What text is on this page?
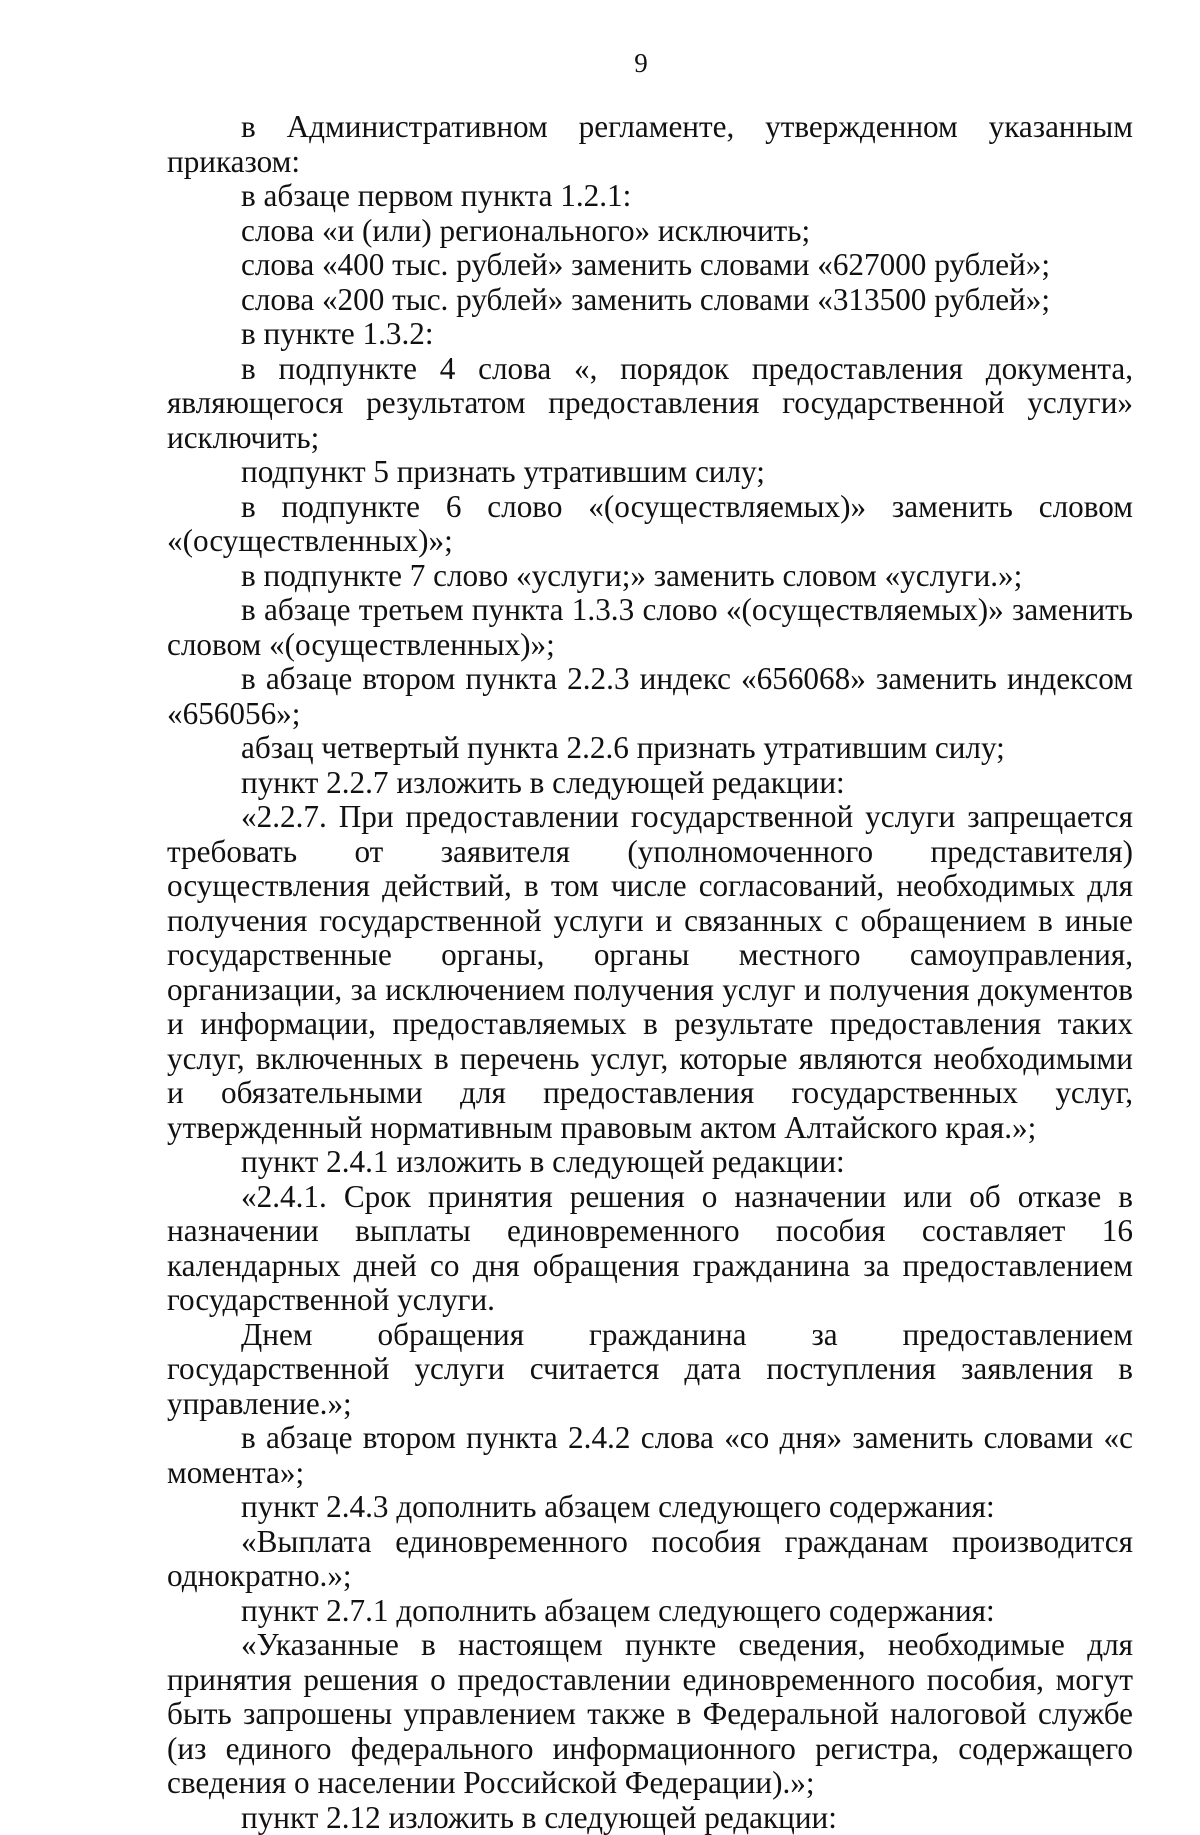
9

в Административном регламенте, утвержденном указанным приказом:

в абзаце первом пункта 1.2.1:

слова «и (или) регионального» исключить;

слова «400 тыс. рублей» заменить словами «627000 рублей»;

слова «200 тыс. рублей» заменить словами «313500 рублей»;

в пункте 1.3.2:

в подпункте 4 слова «, порядок предоставления документа, являющегося результатом предоставления государственной услуги» исключить;

подпункт 5 признать утратившим силу;

в подпункте 6 слово «(осуществляемых)» заменить словом «(осуществленных)»;

в подпункте 7 слово «услуги;» заменить словом «услуги.»;

в абзаце третьем пункта 1.3.3 слово «(осуществляемых)» заменить словом «(осуществленных)»;

в абзаце втором пункта 2.2.3 индекс «656068» заменить индексом «656056»;

абзац четвертый пункта 2.2.6 признать утратившим силу;

пункт 2.2.7 изложить в следующей редакции:

«2.2.7. При предоставлении государственной услуги запрещается требовать от заявителя (уполномоченного представителя) осуществления действий, в том числе согласований, необходимых для получения государственной услуги и связанных с обращением в иные государственные органы, органы местного самоуправления, организации, за исключением получения услуг и получения документов и информации, предоставляемых в результате предоставления таких услуг, включенных в перечень услуг, которые являются необходимыми и обязательными для предоставления государственных услуг, утвержденный нормативным правовым актом Алтайского края.»;

пункт 2.4.1 изложить в следующей редакции:

«2.4.1. Срок принятия решения о назначении или об отказе в назначении выплаты единовременного пособия составляет 16 календарных дней со дня обращения гражданина за предоставлением государственной услуги.

Днем обращения гражданина за предоставлением государственной услуги считается дата поступления заявления в управление.»;

в абзаце втором пункта 2.4.2 слова «со дня» заменить словами «с момента»;

пункт 2.4.3 дополнить абзацем следующего содержания:

«Выплата единовременного пособия гражданам производится однократно.»;

пункт 2.7.1 дополнить абзацем следующего содержания:

«Указанные в настоящем пункте сведения, необходимые для принятия решения о предоставлении единовременного пособия, могут быть запрошены управлением также в Федеральной налоговой службе (из единого федерального информационного регистра, содержащего сведения о населении Российской Федерации).»;

пункт 2.12 изложить в следующей редакции:
